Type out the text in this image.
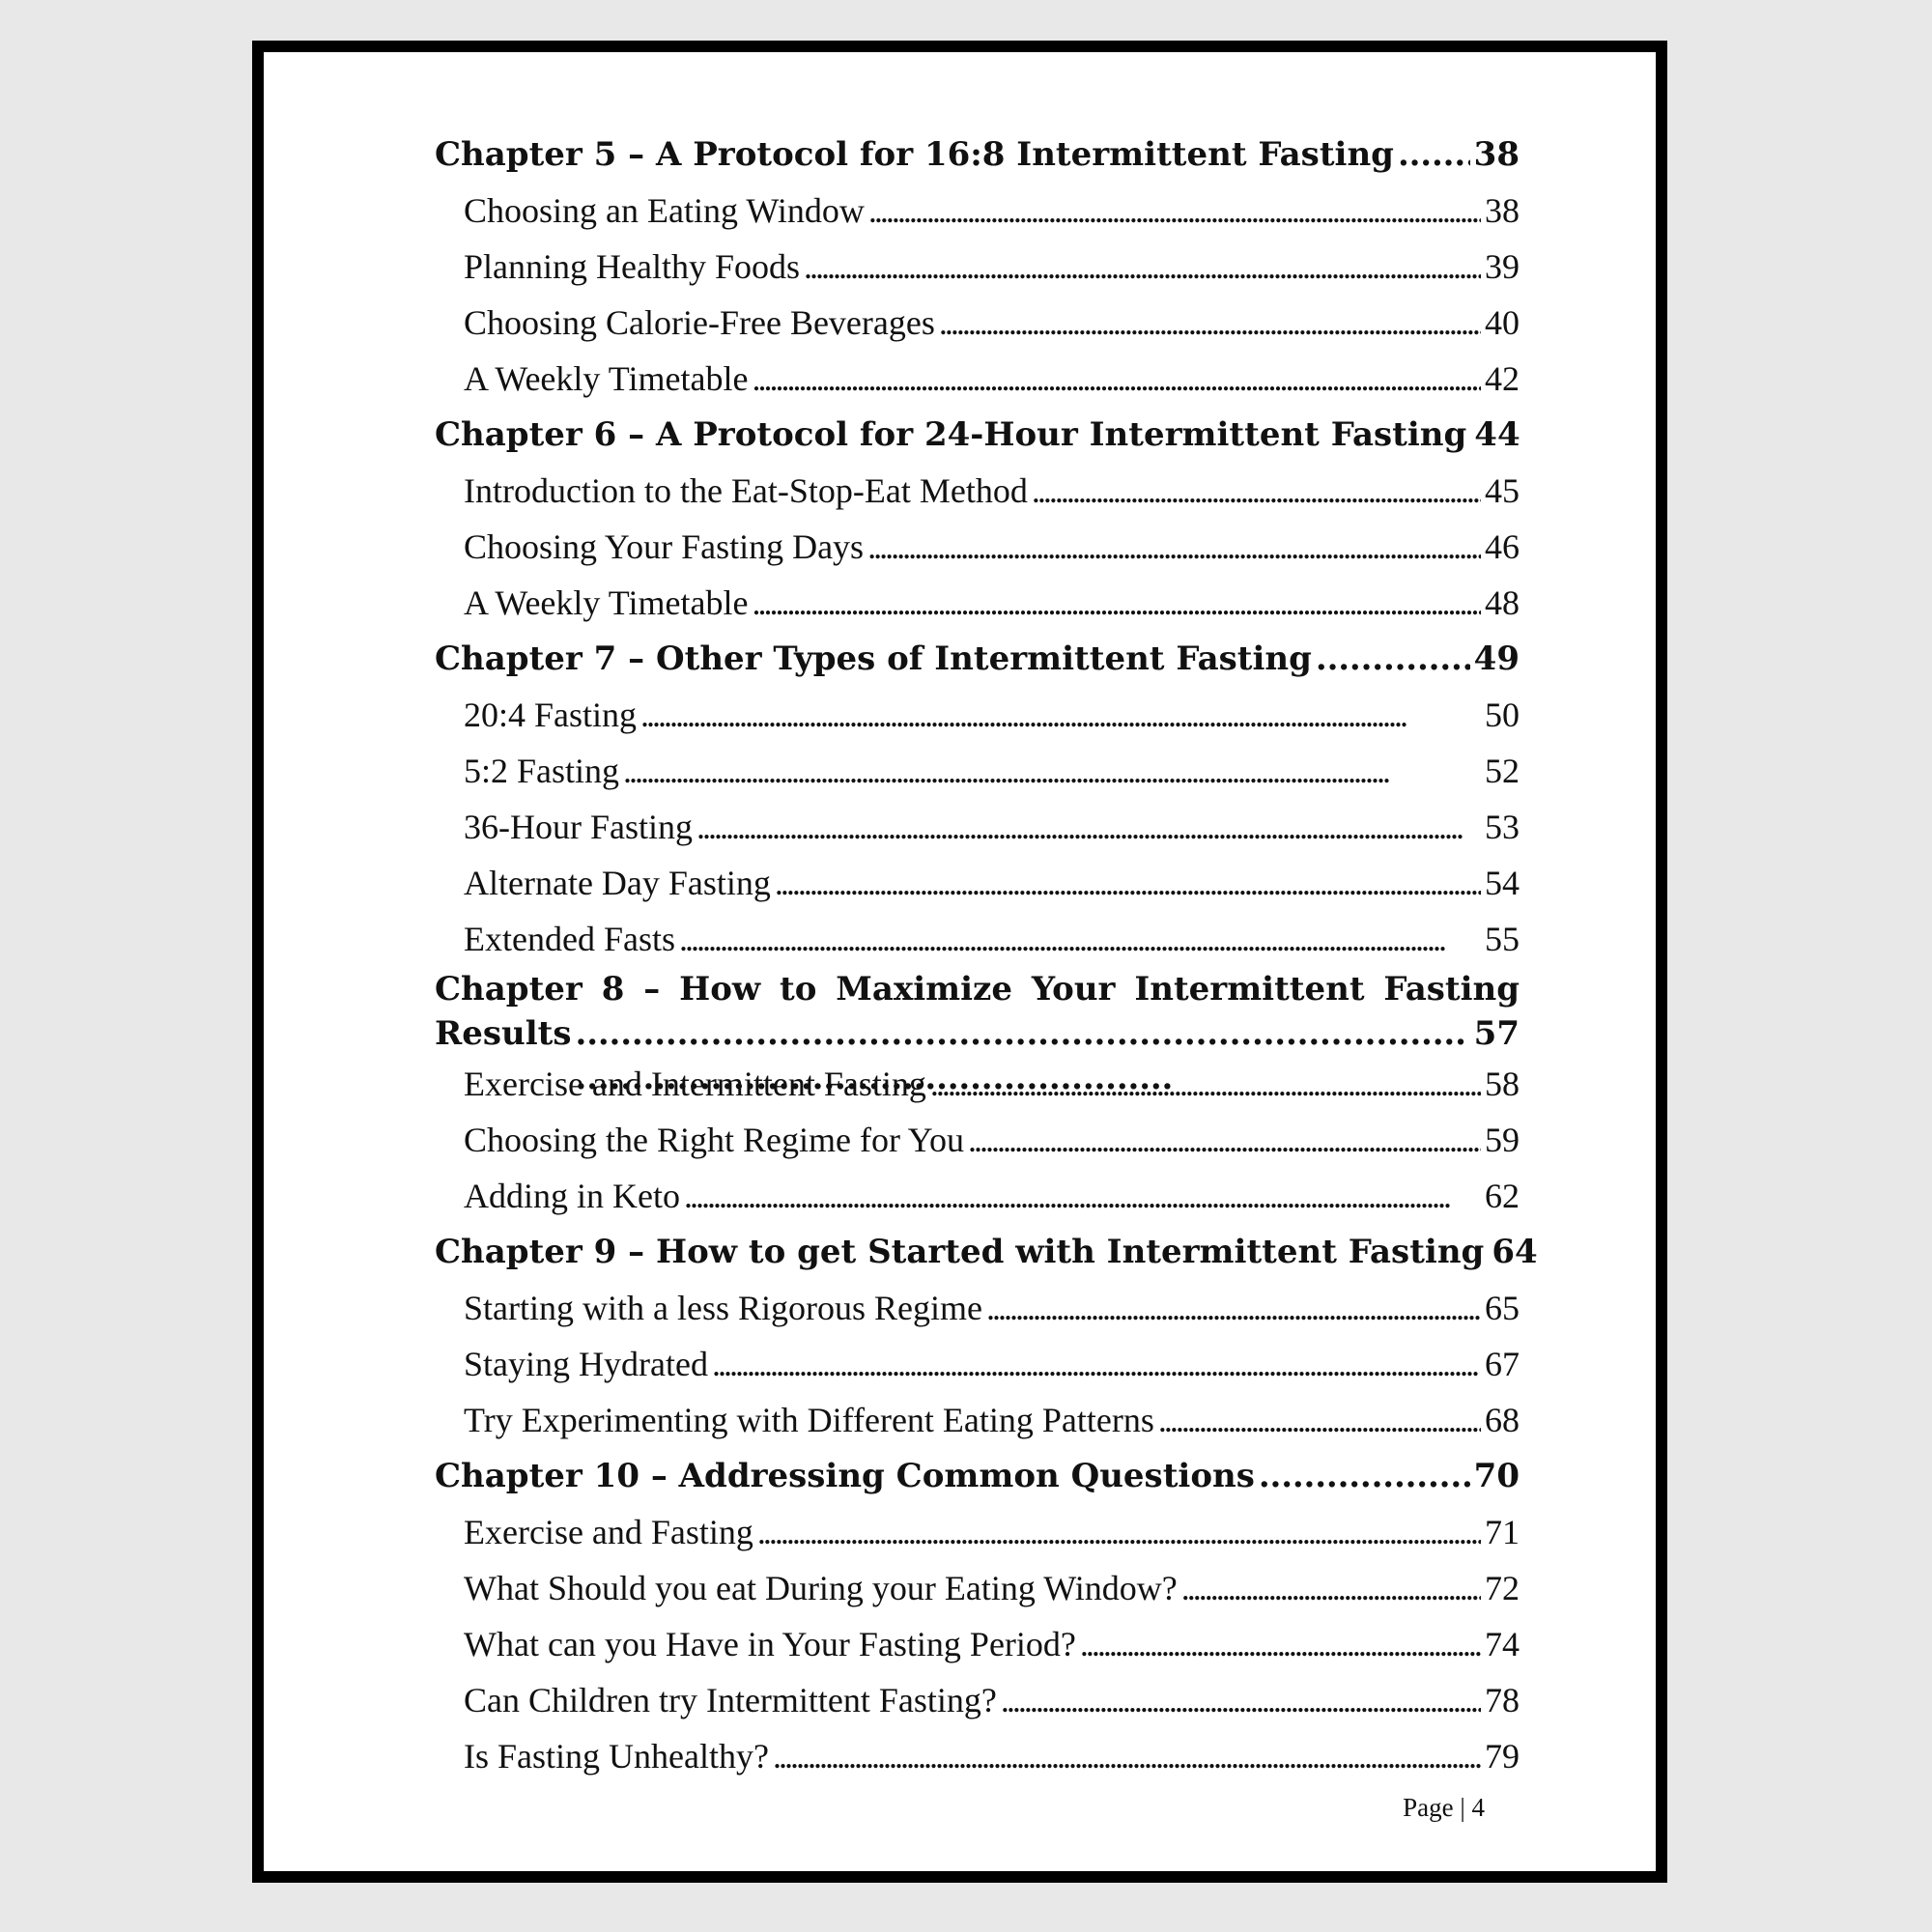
Chapter 5 – A Protocol for 16:8 Intermittent Fasting . . . 38
Choosing an Eating Window . . .	38
Planning Healthy Foods . . .	39
Choosing Calorie-Free Beverages . . .	40
A Weekly Timetable . . .	42
Chapter 6 – A Protocol for 24-Hour Intermittent Fasting 44
Introduction to the Eat-Stop-Eat Method . . .	45
Choosing Your Fasting Days . . .	46
A Weekly Timetable . . .	48
Chapter 7 – Other Types of Intermittent Fasting . . .	49
20:4 Fasting . . .	50
5:2 Fasting . . .	52
36-Hour Fasting . . .	53
Alternate Day Fasting . . .	54
Extended Fasts . . .	55
Chapter 8 – How to Maximize Your Intermittent Fasting
Results . . .	57
Exercise and Intermittent Fasting . . .	58
Choosing the Right Regime for You . . .	59
Adding in Keto . . .	62
Chapter 9 – How to get Started with Intermittent Fasting 64
Starting with a less Rigorous Regime . . .	65
Staying Hydrated . . .	67
Try Experimenting with Different Eating Patterns . . .	68
Chapter 10 – Addressing Common Questions . . .	70
Exercise and Fasting . . .	71
What Should you eat During your Eating Window? . . .	72
What can you Have in Your Fasting Period? . . .	74
Can Children try Intermittent Fasting? . . .	78
Is Fasting Unhealthy? . . .	79
Page | 4
